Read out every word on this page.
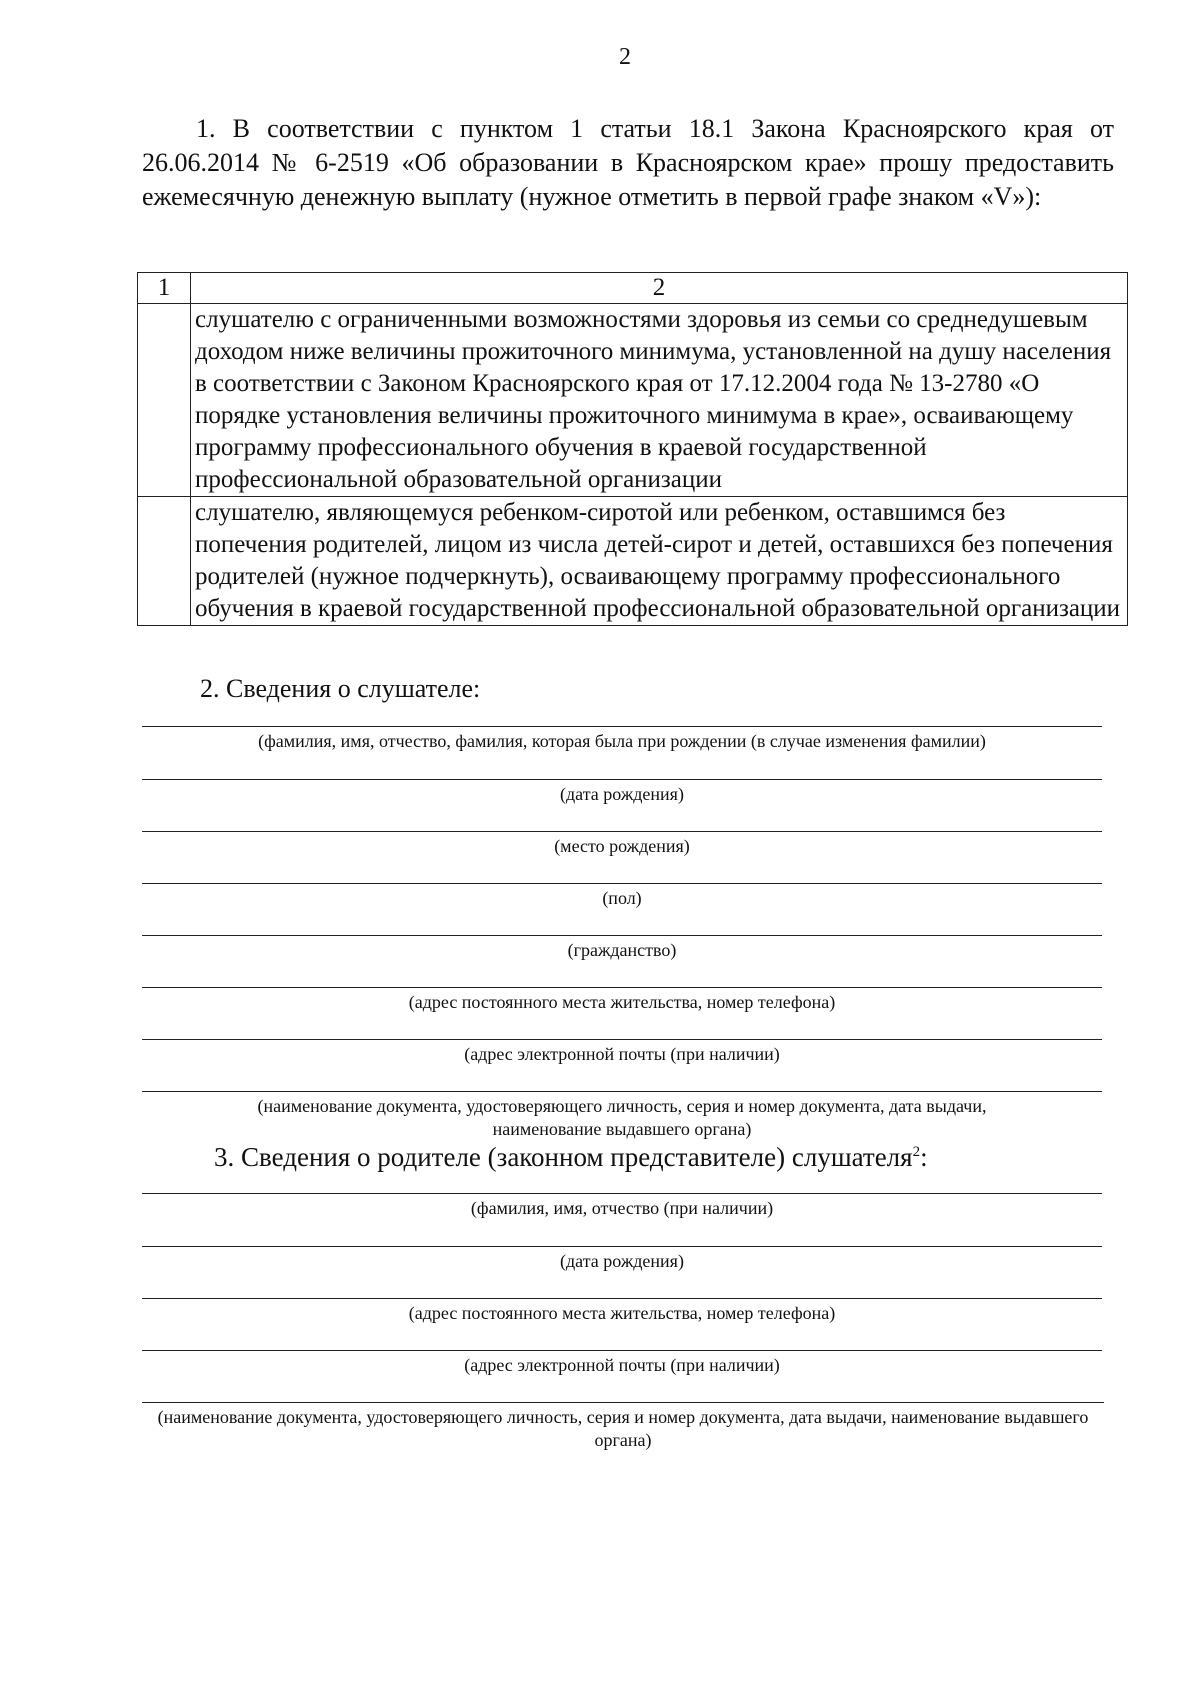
2

1. В соответствии с пунктом 1 статьи 18.1 Закона Красноярского края от 26.06.2014 № 6-2519 «Об образовании в Красноярском крае» прошу предоставить ежемесячную денежную выплату (нужное отметить в первой графе знаком «V»):

1	2
	слушателю с ограниченными возможностями здоровья из семьи со среднедушевым доходом ниже величины прожиточного минимума, установленной на душу населения в соответствии с Законом Красноярского края от 17.12.2004 года № 13-2780 «О порядке установления величины прожиточного минимума в крае», осваивающему программу профессионального обучения в краевой государственной профессиональной образовательной организации
	слушателю, являющемуся ребенком-сиротой или ребенком, оставшимся без попечения родителей, лицом из числа детей-сирот и детей, оставшихся без попечения родителей (нужное подчеркнуть), осваивающему программу профессионального обучения в краевой государственной профессиональной образовательной организации

2. Сведения о слушателе:

(фамилия, имя, отчество, фамилия, которая была при рождении (в случае изменения фамилии)
(дата рождения)
(место рождения)
(пол)
(гражданство)
(адрес постоянного места жительства, номер телефона)
(адрес электронной почты (при наличии)
(наименование документа, удостоверяющего личность, серия и номер документа, дата выдачи, наименование выдавшего органа)

3. Сведения о родителе (законном представителе) слушателя$^2$:

(фамилия, имя, отчество (при наличии)
(дата рождения)
(адрес постоянного места жительства, номер телефона)
(адрес электронной почты (при наличии)
(наименование документа, удостоверяющего личность, серия и номер документа, дата выдачи, наименование выдавшего органа)
